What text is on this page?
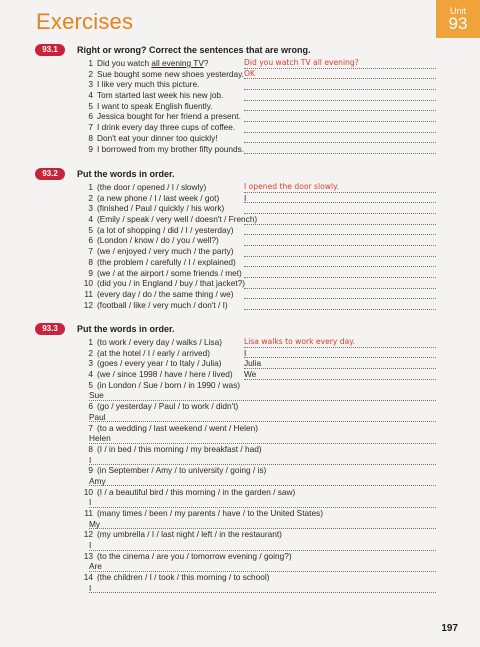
Exercises	Unit
93
93.1	Right or wrong? Correct the sentences that are wrong.
1 Did you watch all evening TV?	Did you watch TV all evening?
2 Sue bought some new shoes yesterday. OK
3 I like very much this picture.
4 Tom started last week his new job.
5 I want to speak English fluently.
6 Jessica bought for her friend a present.
7 I drink every day three cups of coffee.
8 Don't eat your dinner too quickly!
9 I borrowed from my brother fifty pounds.
93.2	Put the words in order.
1 (the door / opened / I / slowly)	I opened the door slowly.
2 (a new phone / I / last week / got)	I
3 (finished / Paul / quickly / his work)
4 (Emily / speak / very well / doesn't / French)
5 (a lot of shopping / did / I / yesterday)
6 (London / know / do / you / well?)
7 (we / enjoyed / very much / the party)
8 (the problem / carefully / I / explained)
9 (we / at the airport / some friends / met)
10 (did you / in England / buy / that jacket?)
11 (every day / do / the same thing / we)
12 (football / like / very much / don't / I)
93.3	Put the words in order.
1 (to work / every day / walks / Lisa)	Lisa walks to work every day.
2 (at the hotel / I / early / arrived)	I
3 (goes / every year / to Italy / Julia)	Julia
4 (we / since 1998 / have / here / lived) We
5 (in London / Sue / born / in 1990 / was)
Sue
6 (go / yesterday / Paul / to work / didn't)
Paul
7 (to a wedding / last weekend / went / Helen)
Helen
8 (I / in bed / this morning / my breakfast / had)
I
9 (in September / Amy / to university / going / is)
Amy
10 (I / a beautiful bird / this morning / in the garden / saw)
I
11 (many times / been / my parents / have / to the United States)
My
12 (my umbrella / I / last night / left / in the restaurant)
I
13 (to the cinema / are you / tomorrow evening / going?)
Are
14 (the children / I / took / this morning / to school)
I
197
